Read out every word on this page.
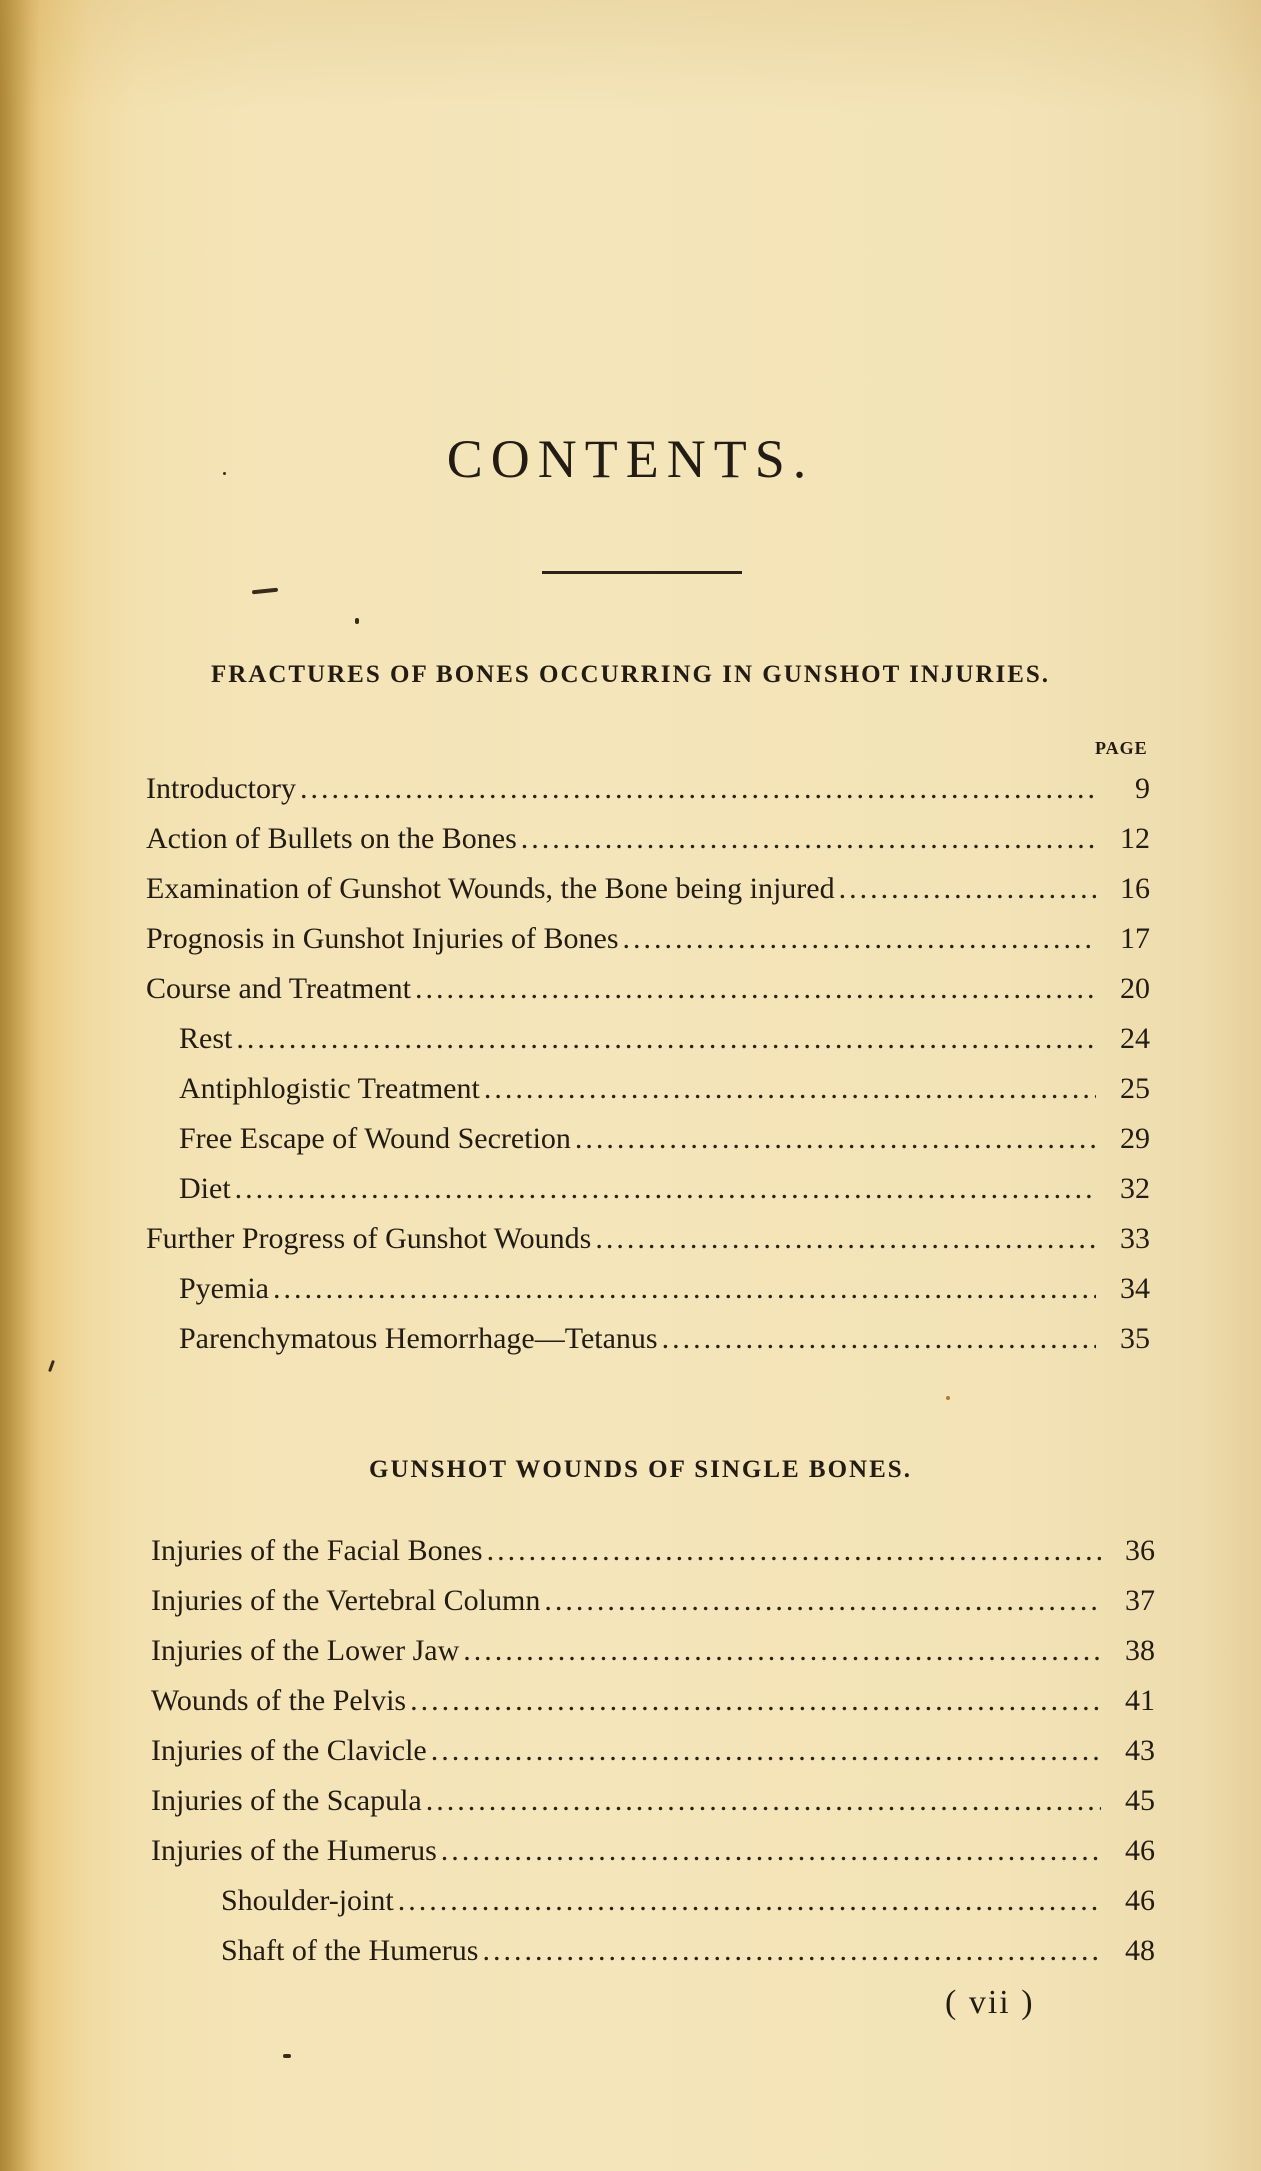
CONTENTS.
FRACTURES OF BONES OCCURRING IN GUNSHOT INJURIES.
PAGE
Introductory .....	9
Action of Bullets on the Bones .....	12
Examination of Gunshot Wounds, the Bone being injured .....	16
Prognosis in Gunshot Injuries of Bones .....	17
Course and Treatment .....	20
Rest .....	24
Antiphlogistic Treatment .....	25
Free Escape of Wound Secretion .....	29
Diet .....	32
Further Progress of Gunshot Wounds .....	33
Pyemia .....	34
Parenchymatous Hemorrhage—Tetanus .....	35
GUNSHOT WOUNDS OF SINGLE BONES.
Injuries of the Facial Bones .....	36
Injuries of the Vertebral Column .....	37
Injuries of the Lower Jaw .....	38
Wounds of the Pelvis .....	41
Injuries of the Clavicle .....	43
Injuries of the Scapula .....	45
Injuries of the Humerus .....	46
Shoulder-joint .....	46
Shaft of the Humerus .....	48
( vii )
